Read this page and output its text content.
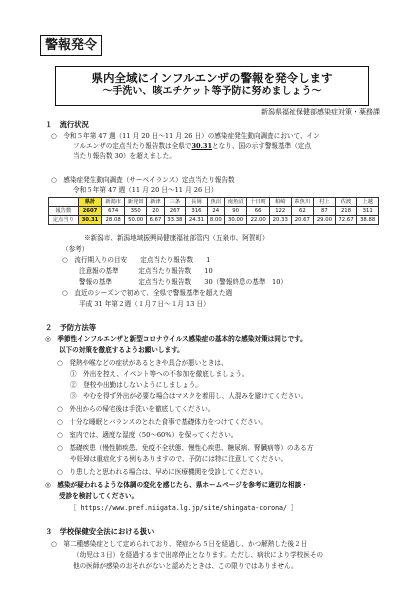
警報発令
県内全域にインフルエンザの警報を発令します
～手洗い、咳エチケット等予防に努めましょう～
新潟県福祉保健部感染症対策・薬務課
１　流行状況
○　令和５年第 47 週（11 月 20 日～11 月 26 日）の感染症発生動向調査において、イン
フルエンザの定点当たり報告数は全県で30.31となり、国の示す警報基準（定点
当たり報告数 30）を超えました。
○　感染症発生動向調査（サーベイランス）定点当たり報告数
令和５年第 47 週（11 月 20 日～11 月 26 日）
	県計	新潟市	新発田	新津	三条	長岡	魚沼	南魚沼	十日町	柏崎	糸魚川	村上	佐渡	上越
報告数	2607	674	350	20	267	316	24	90	66	122	62	87	218	311
定点当り	30.31	28.08	50.00	6.67	33.38	24.31	8.00	30.00	22.00	20.33	20.67	29.00	72.67	38.88
※新潟市、新潟地域振興局健康福祉部管内（五泉市、阿賀町）
（参考）
○　流行期入りの目安　　定点当たり報告数　　1
注意報の基準　　　定点当たり報告数　　10
警報の基準　　　　定点当たり報告数　　30（警報終息の基準　10）
○　直近のシーズンで初めて、全県で警報基準を超えた週
平成 31 年第２週（１月７日～１月 13 日）
２　予防方法等
◎　季節性インフルエンザと新型コロナウイルス感染症の基本的な感染対策は同じです。
以下の対策を徹底するようお願いします。
○　発熱や喉などの症状があるときや具合が悪いときは、
①　外出を控え、イベント等への不参加を徹底しましょう。
②　登校や出勤はしないようにしましょう。
③　やむを得ず外出が必要な場合はマスクを着用し、人混みを避けてください。
○　外出からの帰宅後は手洗いを徹底してください。
○　十分な睡眠とバランスのとれた食事で基礎体力をつけてください。
○　室内では、適度な湿度（50～60%）を保ってください。
○　基礎疾患（慢性肺疾患、免疫不全状態、慢性心疾患、糖尿病、腎臓病等）のある方
や妊婦は重症化する例もありますので、予防には特に注意してください。
○　り患したと思われる場合は、早めに医療機関を受診してください。
◎　感染が疑われるような体調の変化を感じたら、県ホームページを参考に適切な相談・
受診を検討してください。
［ https://www.pref.niigata.lg.jp/site/shingata-corona/ ］
３　学校保健安全法における扱い
○　第二種感染症として定められており、発症から５日を経過し、かつ解熱した後２日
（幼児は３日）を経過するまで出席停止となります。ただし、病状により学校医その
他の医師が感染のおそれがないと認めたときは、この限りではありません。
